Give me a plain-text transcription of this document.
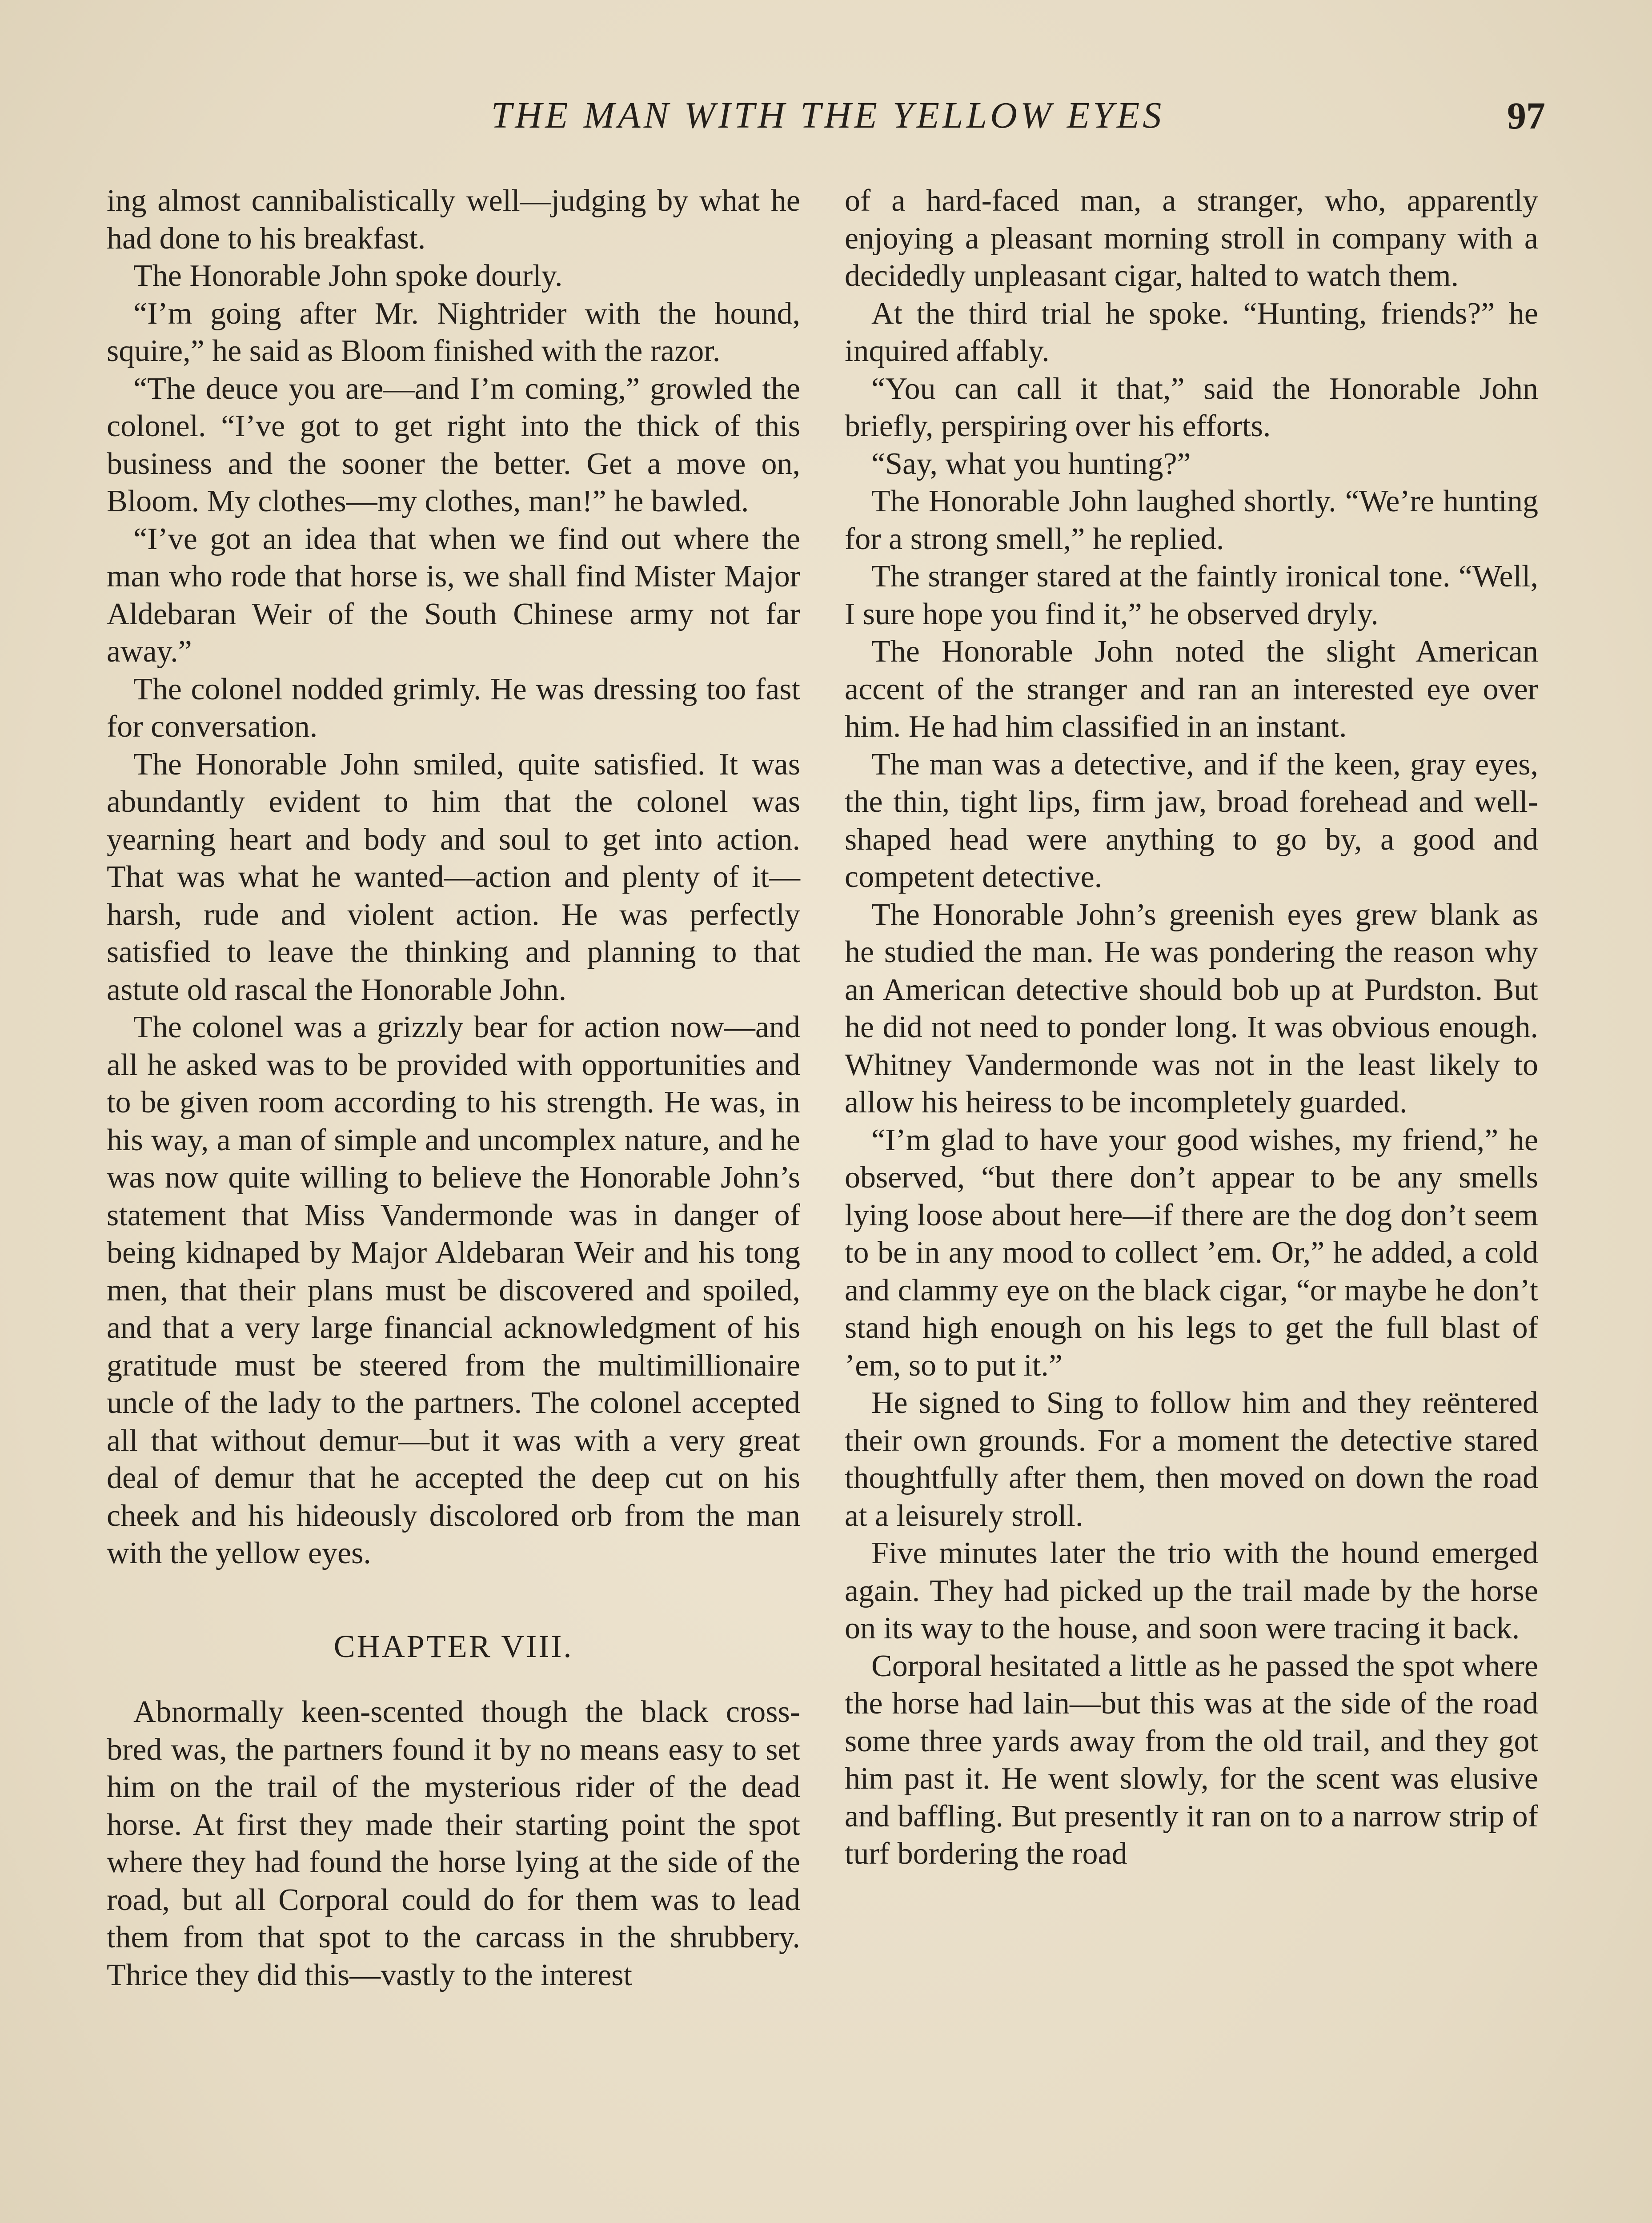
THE MAN WITH THE YELLOW EYES	97

ing almost cannibalistically well—judging by what he had done to his breakfast.

The Honorable John spoke dourly.

“I’m going after Mr. Nightrider with the hound, squire,” he said as Bloom finished with the razor.

“The deuce you are—and I’m coming,” growled the colonel. “I’ve got to get right into the thick of this business and the sooner the better. Get a move on, Bloom. My clothes—my clothes, man!” he bawled.

“I’ve got an idea that when we find out where the man who rode that horse is, we shall find Mister Major Aldebaran Weir of the South Chinese army not far away.”

The colonel nodded grimly. He was dressing too fast for conversation.

The Honorable John smiled, quite satisfied. It was abundantly evident to him that the colonel was yearning heart and body and soul to get into action. That was what he wanted—action and plenty of it—harsh, rude and violent action. He was perfectly satisfied to leave the thinking and planning to that astute old rascal the Honorable John.

The colonel was a grizzly bear for action now—and all he asked was to be provided with opportunities and to be given room according to his strength. He was, in his way, a man of simple and uncomplex nature, and he was now quite willing to believe the Honorable John’s statement that Miss Vandermonde was in danger of being kidnaped by Major Aldebaran Weir and his tong men, that their plans must be discovered and spoiled, and that a very large financial acknowledgment of his gratitude must be steered from the multimillionaire uncle of the lady to the partners. The colonel accepted all that without demur—but it was with a very great deal of demur that he accepted the deep cut on his cheek and his hideously discolored orb from the man with the yellow eyes.

CHAPTER VIII.

Abnormally keen-scented though the black cross-bred was, the partners found it by no means easy to set him on the trail of the mysterious rider of the dead horse. At first they made their starting point the spot where they had found the horse lying at the side of the road, but all Corporal could do for them was to lead them from that spot to the carcass in the shrubbery. Thrice they did this—vastly to the interest

of a hard-faced man, a stranger, who, apparently enjoying a pleasant morning stroll in company with a decidedly unpleasant cigar, halted to watch them.

At the third trial he spoke. “Hunting, friends?” he inquired affably.

“You can call it that,” said the Honorable John briefly, perspiring over his efforts.

“Say, what you hunting?”

The Honorable John laughed shortly. “We’re hunting for a strong smell,” he replied.

The stranger stared at the faintly ironical tone. “Well, I sure hope you find it,” he observed dryly.

The Honorable John noted the slight American accent of the stranger and ran an interested eye over him. He had him classified in an instant.

The man was a detective, and if the keen, gray eyes, the thin, tight lips, firm jaw, broad forehead and well-shaped head were anything to go by, a good and competent detective.

The Honorable John’s greenish eyes grew blank as he studied the man. He was pondering the reason why an American detective should bob up at Purdston. But he did not need to ponder long. It was obvious enough. Whitney Vandermonde was not in the least likely to allow his heiress to be incompletely guarded.

“I’m glad to have your good wishes, my friend,” he observed, “but there don’t appear to be any smells lying loose about here—if there are the dog don’t seem to be in any mood to collect ’em. Or,” he added, a cold and clammy eye on the black cigar, “or maybe he don’t stand high enough on his legs to get the full blast of ’em, so to put it.”

He signed to Sing to follow him and they reëntered their own grounds. For a moment the detective stared thoughtfully after them, then moved on down the road at a leisurely stroll.

Five minutes later the trio with the hound emerged again. They had picked up the trail made by the horse on its way to the house, and soon were tracing it back.

Corporal hesitated a little as he passed the spot where the horse had lain—but this was at the side of the road some three yards away from the old trail, and they got him past it. He went slowly, for the scent was elusive and baffling. But presently it ran on to a narrow strip of turf bordering the road
